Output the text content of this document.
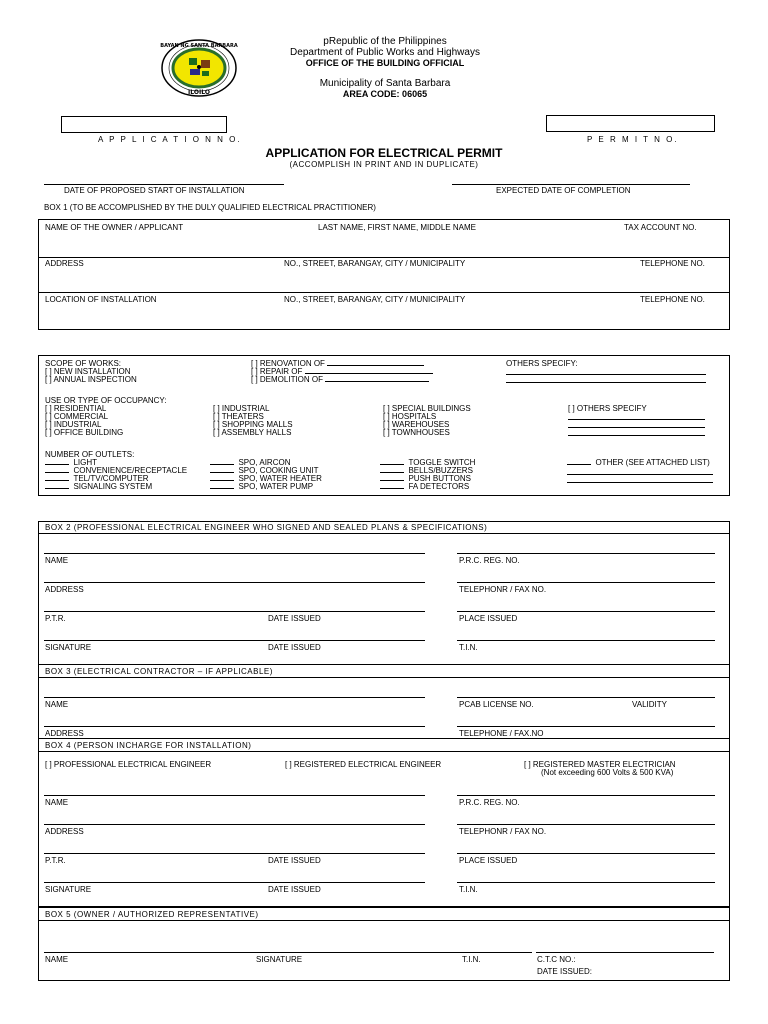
BAYAN NG SANTA BARBARA
ILOILO
pRepublic of the Philippines
Department of Public Works and Highways
OFFICE OF THE BUILDING OFFICIAL
Municipality of Santa Barbara
AREA CODE: 06065
A P P L I C A T I O N N O.	P E R M I T N O.
APPLICATION FOR ELECTRICAL PERMIT
(ACCOMPLISH IN PRINT AND IN DUPLICATE)
DATE OF PROPOSED START OF INSTALLATION	EXPECTED DATE OF COMPLETION
BOX 1 (TO BE ACCOMPLISHED BY THE DULY QUALIFIED ELECTRICAL PRACTITIONER)
NAME OF THE OWNER / APPLICANT	LAST NAME, FIRST NAME, MIDDLE NAME	TAX ACCOUNT NO.
ADDRESS	NO., STREET, BARANGAY, CITY / MUNICIPALITY	TELEPHONE NO.
LOCATION OF INSTALLATION	NO., STREET, BARANGAY, CITY / MUNICIPALITY	TELEPHONE NO.
SCOPE OF WORKS:
[ ] NEW INSTALLATION
[ ] ANNUAL INSPECTION
[ ] RENOVATION OF
[ ] REPAIR OF
[ ] DEMOLITION OF
OTHERS SPECIFY:
USE OR TYPE OF OCCUPANCY:
[ ] RESIDENTIAL
[ ] COMMERCIAL
[ ] INDUSTRIAL
[ ] OFFICE BUILDING
[ ] INDUSTRIAL
[ ] THEATERS
[ ] SHOPPING MALLS
[ ] ASSEMBLY HALLS
[ ] SPECIAL BUILDINGS
[ ] HOSPITALS
[ ] WAREHOUSES
[ ] TOWNHOUSES
[ ] OTHERS SPECIFY
NUMBER OF OUTLETS:
LIGHT
CONVENIENCE/RECEPTACLE
TEL/TV/COMPUTER
SIGNALING SYSTEM
SPO, AIRCON
SPO, COOKING UNIT
SPO, WATER HEATER
SPO, WATER PUMP
TOGGLE SWITCH
BELLS/BUZZERS
PUSH BUTTONS
FA DETECTORS
OTHER (SEE ATTACHED LIST)
BOX 2 (PROFESSIONAL ELECTRICAL ENGINEER WHO SIGNED AND SEALED PLANS & SPECIFICATIONS)
NAME	P.R.C. REG. NO.
ADDRESS	TELEPHONR / FAX NO.
P.T.R.	DATE ISSUED	PLACE ISSUED
SIGNATURE	DATE ISSUED	T.I.N.
BOX 3 (ELECTRICAL CONTRACTOR – IF APPLICABLE)
NAME	PCAB LICENSE NO.	VALIDITY
ADDRESS	TELEPHONE / FAX.NO
BOX 4 (PERSON INCHARGE FOR INSTALLATION)
[ ] PROFESSIONAL ELECTRICAL ENGINEER	[ ] REGISTERED ELECTRICAL ENGINEER	[ ] REGISTERED MASTER ELECTRICIAN
(Not exceeding 600 Volts & 500 KVA)
NAME	P.R.C. REG. NO.
ADDRESS	TELEPHONR / FAX NO.
P.T.R.	DATE ISSUED	PLACE ISSUED
SIGNATURE	DATE ISSUED	T.I.N.
BOX 5 (OWNER / AUTHORIZED REPRESENTATIVE)
NAME	SIGNATURE	T.I.N.	C.T.C NO.:
DATE ISSUED:
